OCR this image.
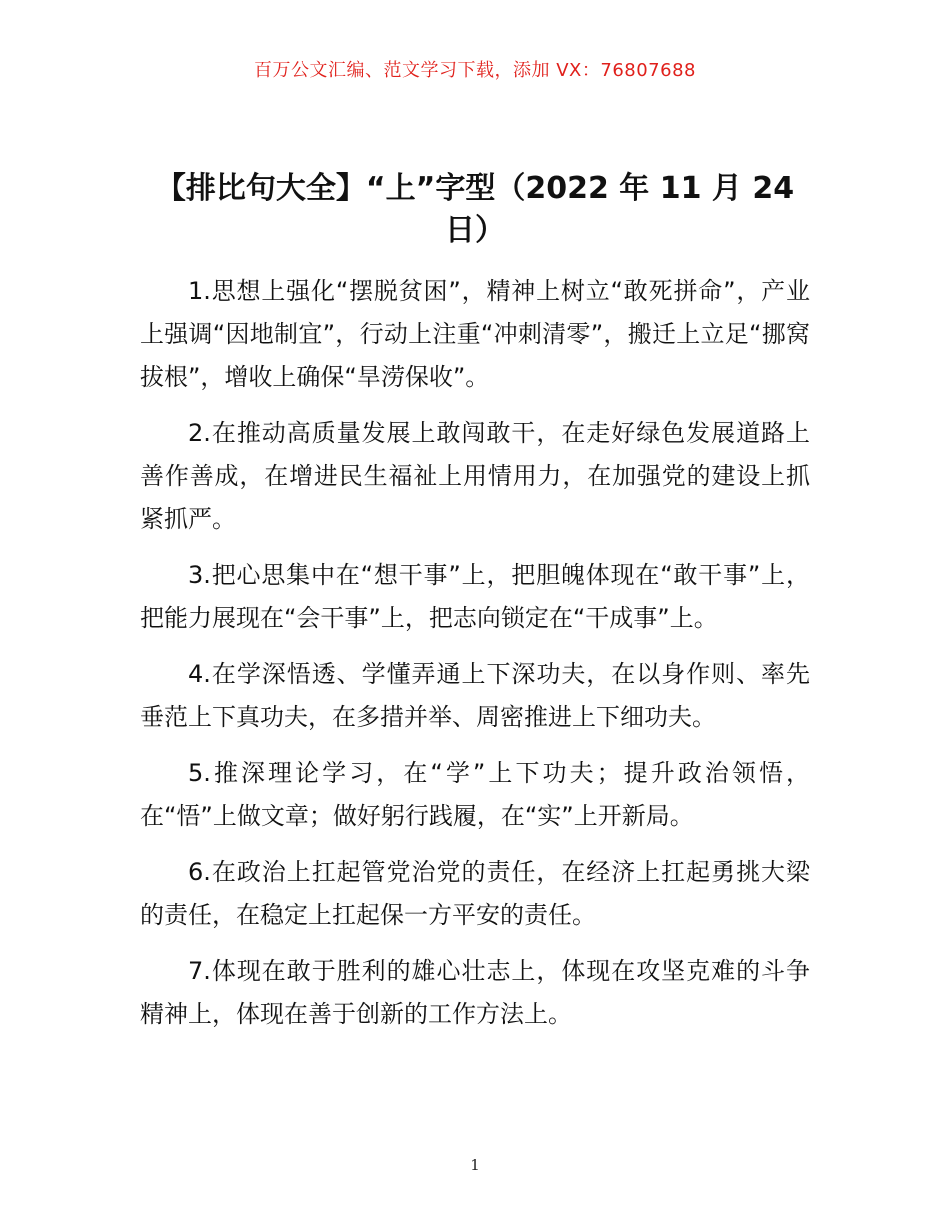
百万公文汇编、范文学习下载，添加 VX：76807688
【排比句大全】“上”字型（2022 年 11 月 24 日）

1.思想上强化“摆脱贫困”，精神上树立“敢死拼命”，产业上强调“因地制宜”，行动上注重“冲刺清零”，搬迁上立足“挪窝拔根”，增收上确保“旱涝保收”。

2.在推动高质量发展上敢闯敢干，在走好绿色发展道路上善作善成，在增进民生福祉上用情用力，在加强党的建设上抓紧抓严。

3.把心思集中在“想干事”上，把胆魄体现在“敢干事”上，把能力展现在“会干事”上，把志向锁定在“干成事”上。

4.在学深悟透、学懂弄通上下深功夫，在以身作则、率先垂范上下真功夫，在多措并举、周密推进上下细功夫。

5.推深理论学习，在“学”上下功夫；提升政治领悟，在“悟”上做文章；做好躬行践履，在“实”上开新局。

6.在政治上扛起管党治党的责任，在经济上扛起勇挑大梁的责任，在稳定上扛起保一方平安的责任。

7.体现在敢于胜利的雄心壮志上，体现在攻坚克难的斗争精神上，体现在善于创新的工作方法上。

1
